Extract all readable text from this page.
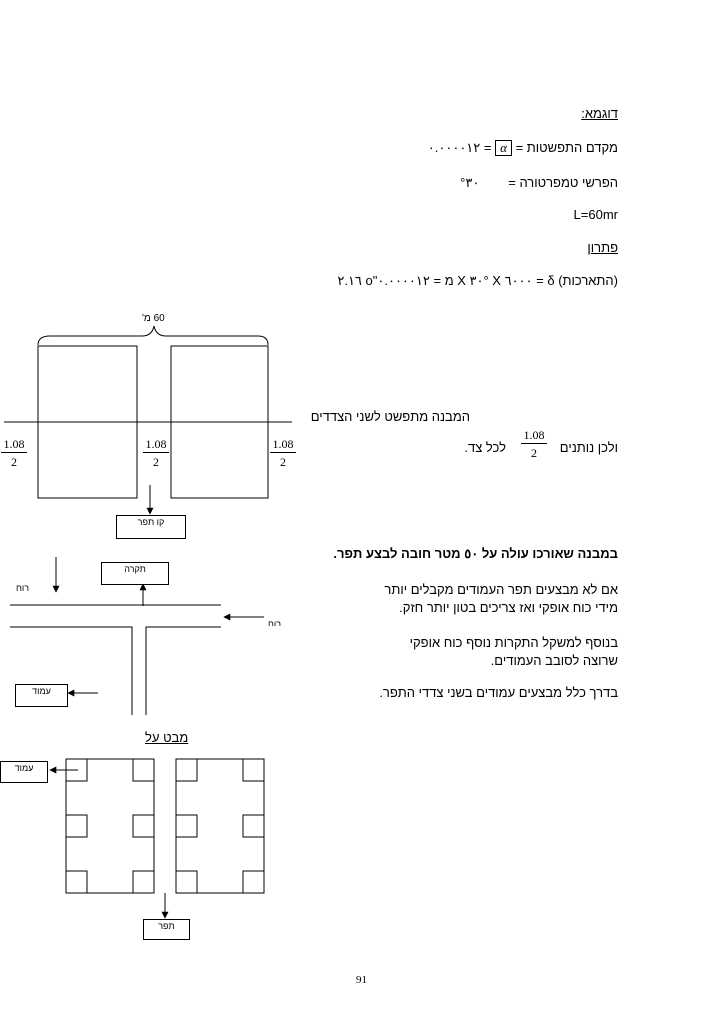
דוגמא:
מקדם התפשטות = α = ٠.٠٠٠٠١٢
הפרשי טמפרטורה =        ٣٠°
L=60mr
פתרון
٢.١٦ o"מ = ٠.٠٠٠٠١٢ X ٣٠° X ٦٠٠٠ = δ (התארכות)
המבנה מתפשט לשני הצדדים
ולכן נותנים
$\frac{1.08}{2}$
לכל צד.
במבנה שאורכו עולה על ٥٠ מטר חובה לבצע תפר.
אם לא מבצעים תפר העמודים מקבלים יותר
מידי כוח אופקי ואז צריכים בטון יותר חזק.
בנוסף למשקל התקרות נוסף כוח אופקי
שרוצה לסובב העמודים.
בדרך כלל מבצעים עמודים בשני צדדי התפר.
60 מ'
$\frac{1.08}{2}$	$\frac{1.08}{2}$	$\frac{1.08}{2}$
קו תפר
תקרה
רוח
רוח
עמוד
מבט על
עמוד
תפר
91
